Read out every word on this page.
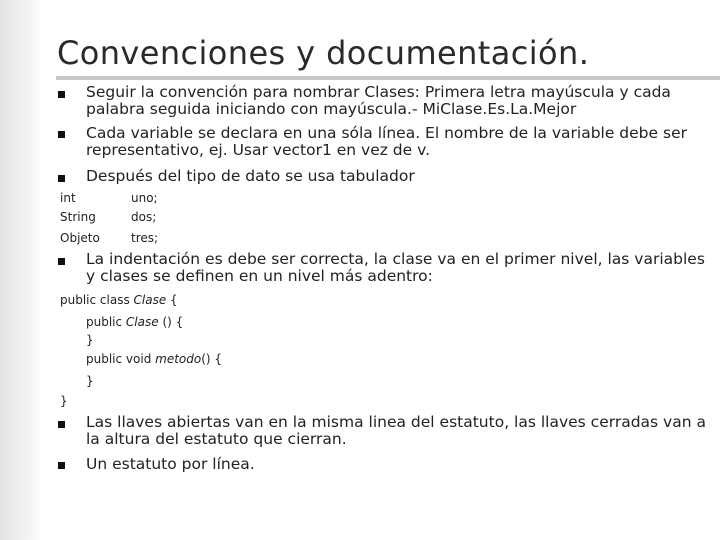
Convenciones y documentación.
Seguir la convención para nombrar Clases: Primera letra mayúscula y cada palabra seguida iniciando con mayúscula.- MiClase.Es.La.Mejor
Cada variable se declara en una sóla línea. El nombre de la variable debe ser representativo, ej. Usar vector1 en vez de v.
Después del tipo de dato se usa tabulador
int	uno;
String	dos;
Objeto	tres;
La indentación es debe ser correcta, la clase va en el primer nivel, las variables y clases se definen en un nivel más adentro:
public class Clase {
public Clase () {
}
public void metodo() {
}
}
Las llaves abiertas van en la misma linea del estatuto, las llaves cerradas van a la altura del estatuto que cierran.
Un estatuto por línea.
